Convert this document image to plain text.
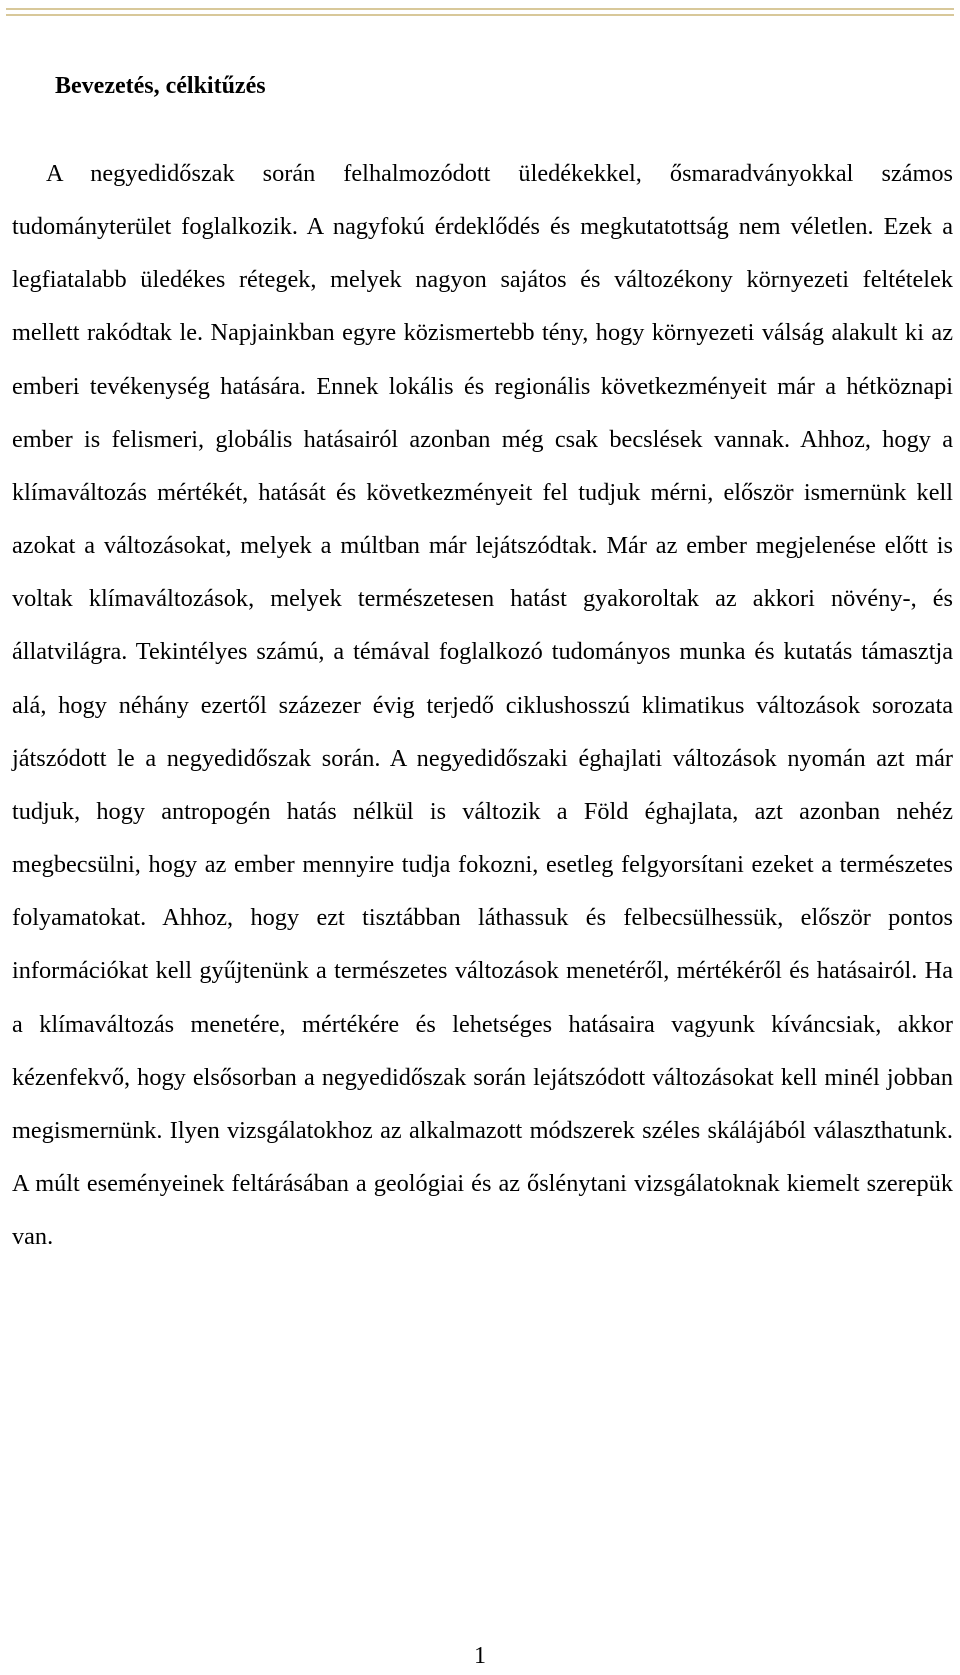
Bevezetés, célkitűzés

A negyedidőszak során felhalmozódott üledékekkel, ősmaradványokkal számos tudományterület foglalkozik. A nagyfokú érdeklődés és megkutatottság nem véletlen. Ezek a legfiatalabb üledékes rétegek, melyek nagyon sajátos és változékony környezeti feltételek mellett rakódtak le. Napjainkban egyre közismertebb tény, hogy környezeti válság alakult ki az emberi tevékenység hatására. Ennek lokális és regionális következményeit már a hétköznapi ember is felismeri, globális hatásairól azonban még csak becslések vannak. Ahhoz, hogy a klímaváltozás mértékét, hatását és következményeit fel tudjuk mérni, először ismernünk kell azokat a változásokat, melyek a múltban már lejátszódtak. Már az ember megjelenése előtt is voltak klímaváltozások, melyek természetesen hatást gyakoroltak az akkori növény-, és állatvilágra. Tekintélyes számú, a témával foglalkozó tudományos munka és kutatás támasztja alá, hogy néhány ezertől százezer évig terjedő ciklushosszú klimatikus változások sorozata játszódott le a negyedidőszak során. A negyedidőszaki éghajlati változások nyomán azt már tudjuk, hogy antropogén hatás nélkül is változik a Föld éghajlata, azt azonban nehéz megbecsülni, hogy az ember mennyire tudja fokozni, esetleg felgyorsítani ezeket a természetes folyamatokat. Ahhoz, hogy ezt tisztábban láthassuk és felbecsülhessük, először pontos információkat kell gyűjtenünk a természetes változások menetéről, mértékéről és hatásairól. Ha a klímaváltozás menetére, mértékére és lehetséges hatásaira vagyunk kíváncsiak, akkor kézenfekvő, hogy elsősorban a negyedidőszak során lejátszódott változásokat kell minél jobban megismernünk. Ilyen vizsgálatokhoz az alkalmazott módszerek széles skálájából választhatunk. A múlt eseményeinek feltárásában a geológiai és az őslénytani vizsgálatoknak kiemelt szerepük van.

1
